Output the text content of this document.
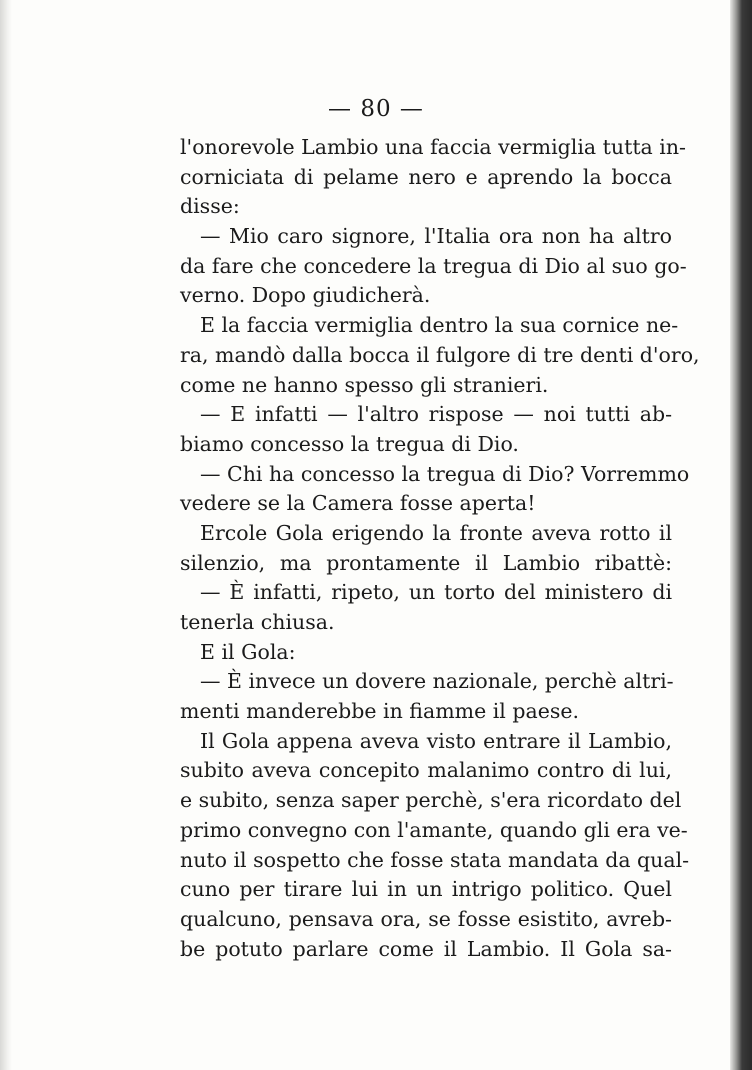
— 80 —
l'onorevole Lambio una faccia vermiglia tutta in-
corniciata di pelame nero e aprendo la bocca
disse:
— Mio caro signore, l'Italia ora non ha altro
da fare che concedere la tregua di Dio al suo go-
verno. Dopo giudicherà.
E la faccia vermiglia dentro la sua cornice ne-
ra, mandò dalla bocca il fulgore di tre denti d'oro,
come ne hanno spesso gli stranieri.
— E infatti — l'altro rispose — noi tutti ab-
biamo concesso la tregua di Dio.
— Chi ha concesso la tregua di Dio? Vorremmo
vedere se la Camera fosse aperta!
Ercole Gola erigendo la fronte aveva rotto il
silenzio, ma prontamente il Lambio ribattè:
— È infatti, ripeto, un torto del ministero di
tenerla chiusa.
E il Gola:
— È invece un dovere nazionale, perchè altri-
menti manderebbe in fiamme il paese.
Il Gola appena aveva visto entrare il Lambio,
subito aveva concepito malanimo contro di lui,
e subito, senza saper perchè, s'era ricordato del
primo convegno con l'amante, quando gli era ve-
nuto il sospetto che fosse stata mandata da qual-
cuno per tirare lui in un intrigo politico. Quel
qualcuno, pensava ora, se fosse esistito, avreb-
be potuto parlare come il Lambio. Il Gola sa-
